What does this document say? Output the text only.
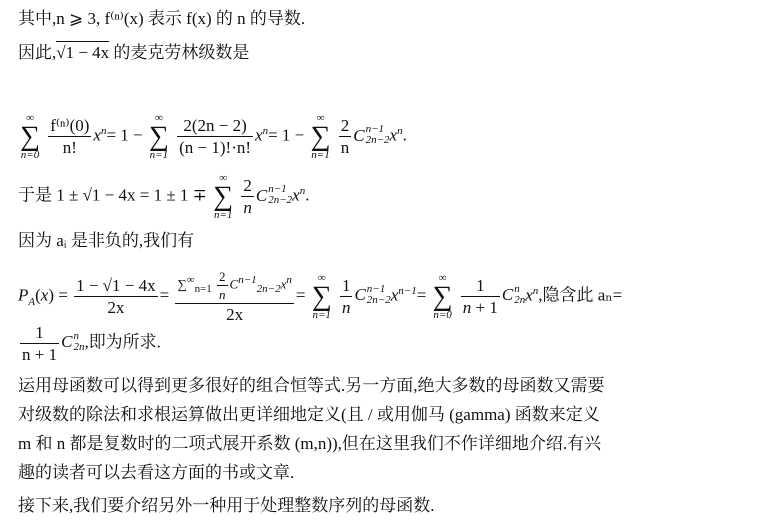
其中,n ⩾ 3, f⁽ⁿ⁾(x) 表示 f(x) 的 n 的导数.
因此,√1 − 4x 的麦克劳林级数是
∞
∑
n=0
$\frac{\text{f⁽ⁿ⁾(0)}}{n!} x^n= 1$ −
∞
∑
n=1
$\frac{2(2n - 2)}{(n - 1)!\cdot n!} x^n= 1$ −
∞
∑
n=1
$\frac{2}{n}$ C n−1
2n−2 $x^n$.
于是 1 ± √1 − 4x = 1 ± 1 ∓
∞
∑
n=1
$\frac{2}{n}$ C n−1
2n−2 $x^n$.
因为 aᵢ 是非负的,我们有
$P_A(x) = \frac{1 - √1 - 4x}{2x} = \frac{\sum^\infty_{n=1} \frac{2}{n} C^{n-1}_{2n-2}x^n}{2x}$ =
∞
∑
n=1
$\frac{1}{n}$ C n−1
2n−2 $x^{n-1}=$
∞
∑
n=0
$\frac{1}{n + 1}$ C n
2n $x^n$,隐含此 aₙ=
$\frac{1}{n + 1}$ C n
2n ,即为所求.
运用母函数可以得到更多很好的组合恒等式.另一方面,绝大多数的母函数又需要
对级数的除法和求根运算做出更详细地定义(且 / 或用伽马 (gamma) 函数来定义
m 和 n 都是复数时的二项式展开系数 (m,n)),但在这里我们不作详细地介绍.有兴
趣的读者可以去看这方面的书或文章.
接下来,我们要介绍另外一种用于处理整数序列的母函数.
